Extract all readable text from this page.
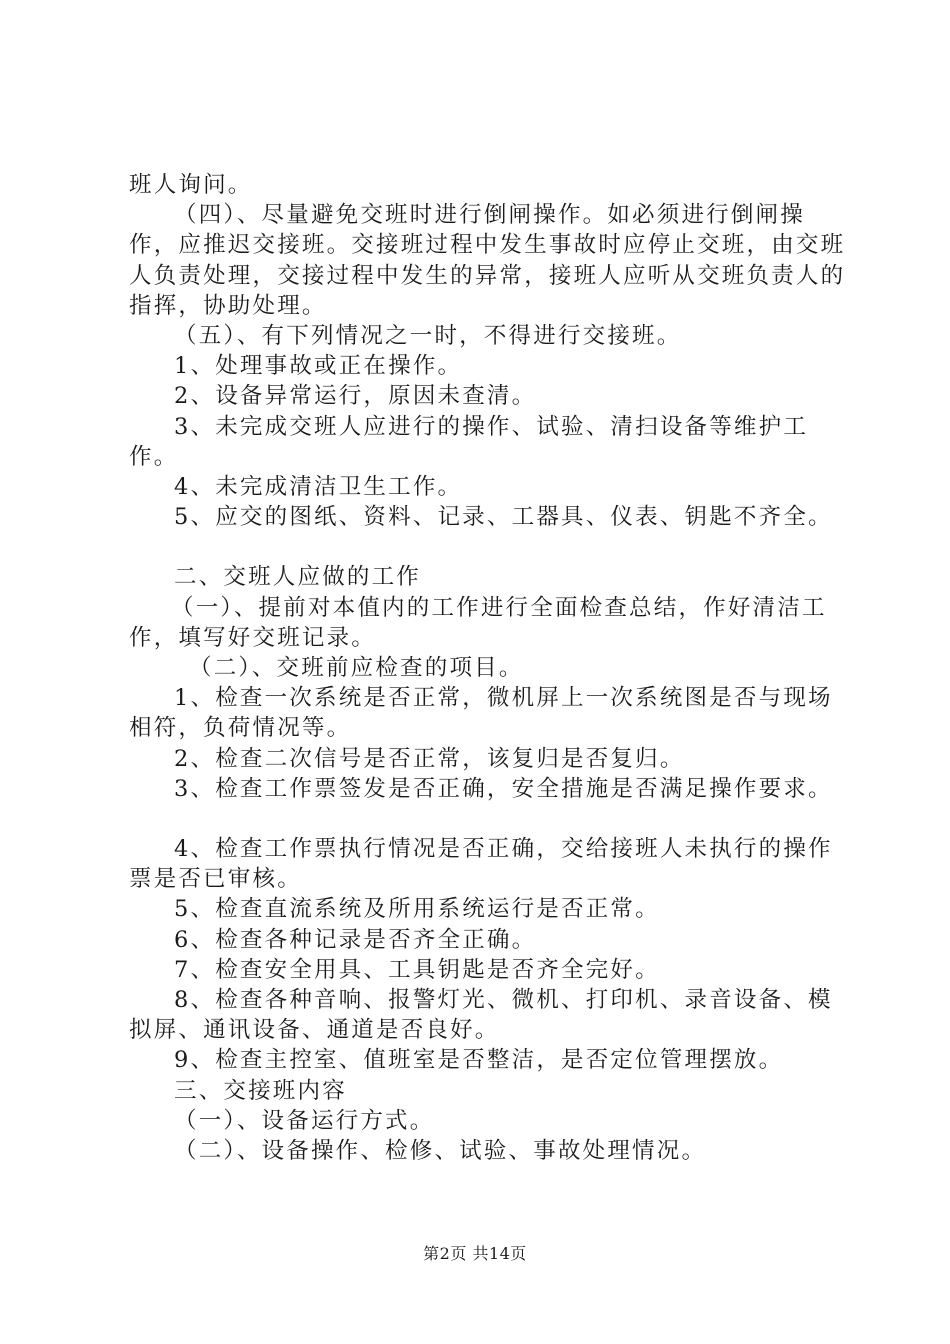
班人询问。

（四）、尽量避免交班时进行倒闸操作。如必须进行倒闸操作，应推迟交接班。交接班过程中发生事故时应停止交班，由交班人负责处理，交接过程中发生的异常，接班人应听从交班负责人的指挥，协助处理。

（五）、有下列情况之一时，不得进行交接班。

1、处理事故或正在操作。

2、设备异常运行，原因未查清。

3、未完成交班人应进行的操作、试验、清扫设备等维护工作。

4、未完成清洁卫生工作。

5、应交的图纸、资料、记录、工器具、仪表、钥匙不齐全。

二、交班人应做的工作

（一）、提前对本值内的工作进行全面检查总结，作好清洁工作，填写好交班记录。

（二）、交班前应检查的项目。

1、检查一次系统是否正常，微机屏上一次系统图是否与现场相符，负荷情况等。

2、检查二次信号是否正常，该复归是否复归。

3、检查工作票签发是否正确，安全措施是否满足操作要求。

4、检查工作票执行情况是否正确，交给接班人未执行的操作票是否已审核。

5、检查直流系统及所用系统运行是否正常。

6、检查各种记录是否齐全正确。

7、检查安全用具、工具钥匙是否齐全完好。

8、检查各种音响、报警灯光、微机、打印机、录音设备、模拟屏、通讯设备、通道是否良好。

9、检查主控室、值班室是否整洁，是否定位管理摆放。

三、交接班内容

（一）、设备运行方式。

（二）、设备操作、检修、试验、事故处理情况。

第2页 共14页
